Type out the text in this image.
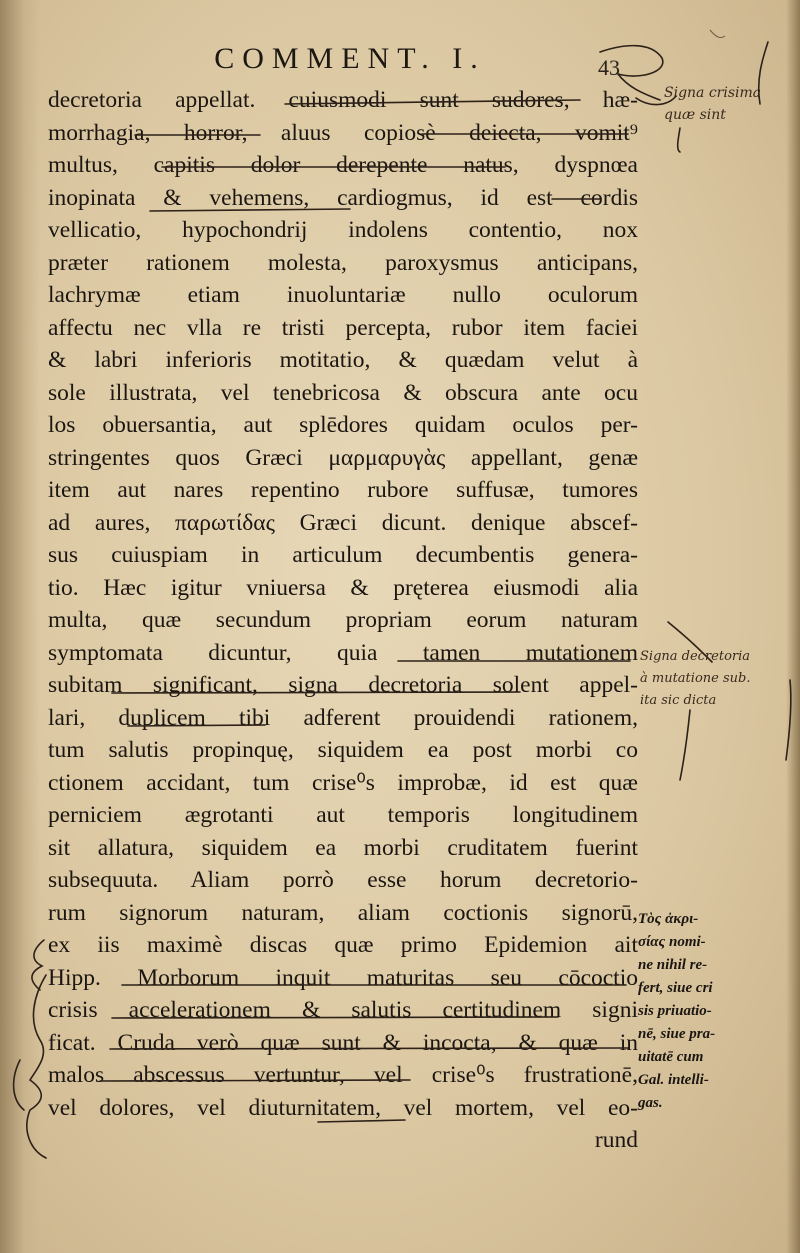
COMMENT. I.	43
decretoria appellat. cuiusmodi sunt sudores, hæ-
morrhagia, horror, aluus copiosè deiecta, vomit⁹
multus, capitis dolor derepente natus, dyspnœa
inopinata & vehemens, cardiogmus, id est cordis
vellicatio, hypochondrij indolens contentio, nox
præter rationem molesta, paroxysmus anticipans,
lachrymæ etiam inuoluntariæ nullo oculorum
affectu nec vlla re tristi percepta, rubor item faciei
& labri inferioris motitatio, & quædam velut à
sole illustrata, vel tenebricosa & obscura ante ocu
los obuersantia, aut splēdores quidam oculos per-
stringentes quos Græci μαρμαρυγὰς appellant, genæ
item aut nares repentino rubore suffusæ, tumores
ad aures, παρωτίδας Græci dicunt. denique abscef-
sus cuiuspiam in articulum decumbentis genera-
tio. Hæc igitur vniuersa & pręterea eiusmodi alia
multa, quæ secundum propriam eorum naturam
symptomata dicuntur, quia tamen mutationem
subitam significant, signa decretoria solent appel-
lari, duplicem tibi adferent prouidendi rationem,
tum salutis propinquę, siquidem ea post morbi co
ctionem accidant, tum crise⁰s improbæ, id est quæ
perniciem ægrotanti aut temporis longitudinem
sit allatura, siquidem ea morbi cruditatem fuerint
subsequuta. Aliam porrò esse horum decretorio-
rum signorum naturam, aliam coctionis signorū,
ex iis maximè discas quæ primo Epidemion ait
Hipp. Morborum inquit maturitas seu cōcoctio
crisis accelerationem & salutis certitudinem signi
ficat. Cruda verò quæ sunt & incocta, & quæ in
malos abscessus vertuntur, vel crise⁰s frustrationē,
vel dolores, vel diuturnitatem, vel mortem, vel eo-
rund
Τὸς ἀκρι-
σίας nomi-
ne nihil re-
fert, siue cri
sis priuatio-
nē, siue pra-
uitatē cum
Gal. intelli-
gas.
Signa crisima
quæ sint
Signa decretoria
à mutatione sub.
ita sic dicta
